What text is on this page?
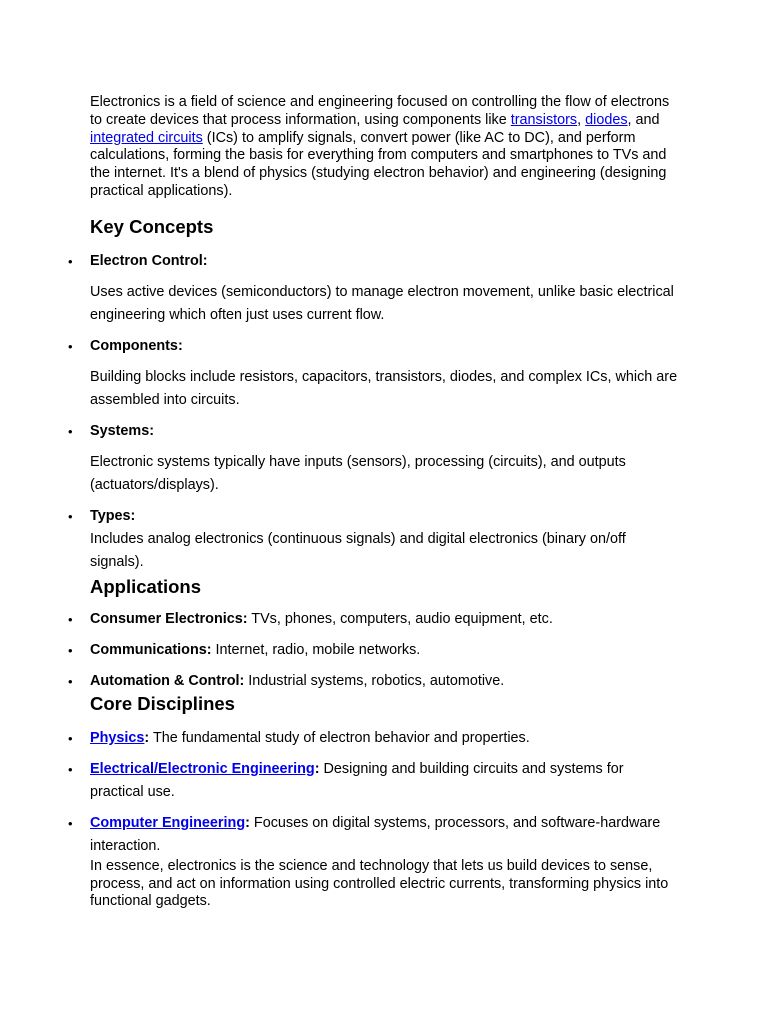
Electronics is a field of science and engineering focused on controlling the flow of electrons to create devices that process information, using components like transistors, diodes, and integrated circuits (ICs) to amplify signals, convert power (like AC to DC), and perform calculations, forming the basis for everything from computers and smartphones to TVs and the internet. It's a blend of physics (studying electron behavior) and engineering (designing practical applications).

Key Concepts
• Electron Control:

Uses active devices (semiconductors) to manage electron movement, unlike basic electrical engineering which often just uses current flow.

• Components:

Building blocks include resistors, capacitors, transistors, diodes, and complex ICs, which are assembled into circuits.

• Systems:

Electronic systems typically have inputs (sensors), processing (circuits), and outputs (actuators/displays).

• Types:

Includes analog electronics (continuous signals) and digital electronics (binary on/off signals).

Applications
• Consumer Electronics: TVs, phones, computers, audio equipment, etc.
• Communications: Internet, radio, mobile networks.
• Automation & Control: Industrial systems, robotics, automotive.
Core Disciplines
• Physics: The fundamental study of electron behavior and properties.
• Electrical/Electronic Engineering: Designing and building circuits and systems for practical use.
• Computer Engineering: Focuses on digital systems, processors, and software-hardware interaction.

In essence, electronics is the science and technology that lets us build devices to sense, process, and act on information using controlled electric currents, transforming physics into functional gadgets.
